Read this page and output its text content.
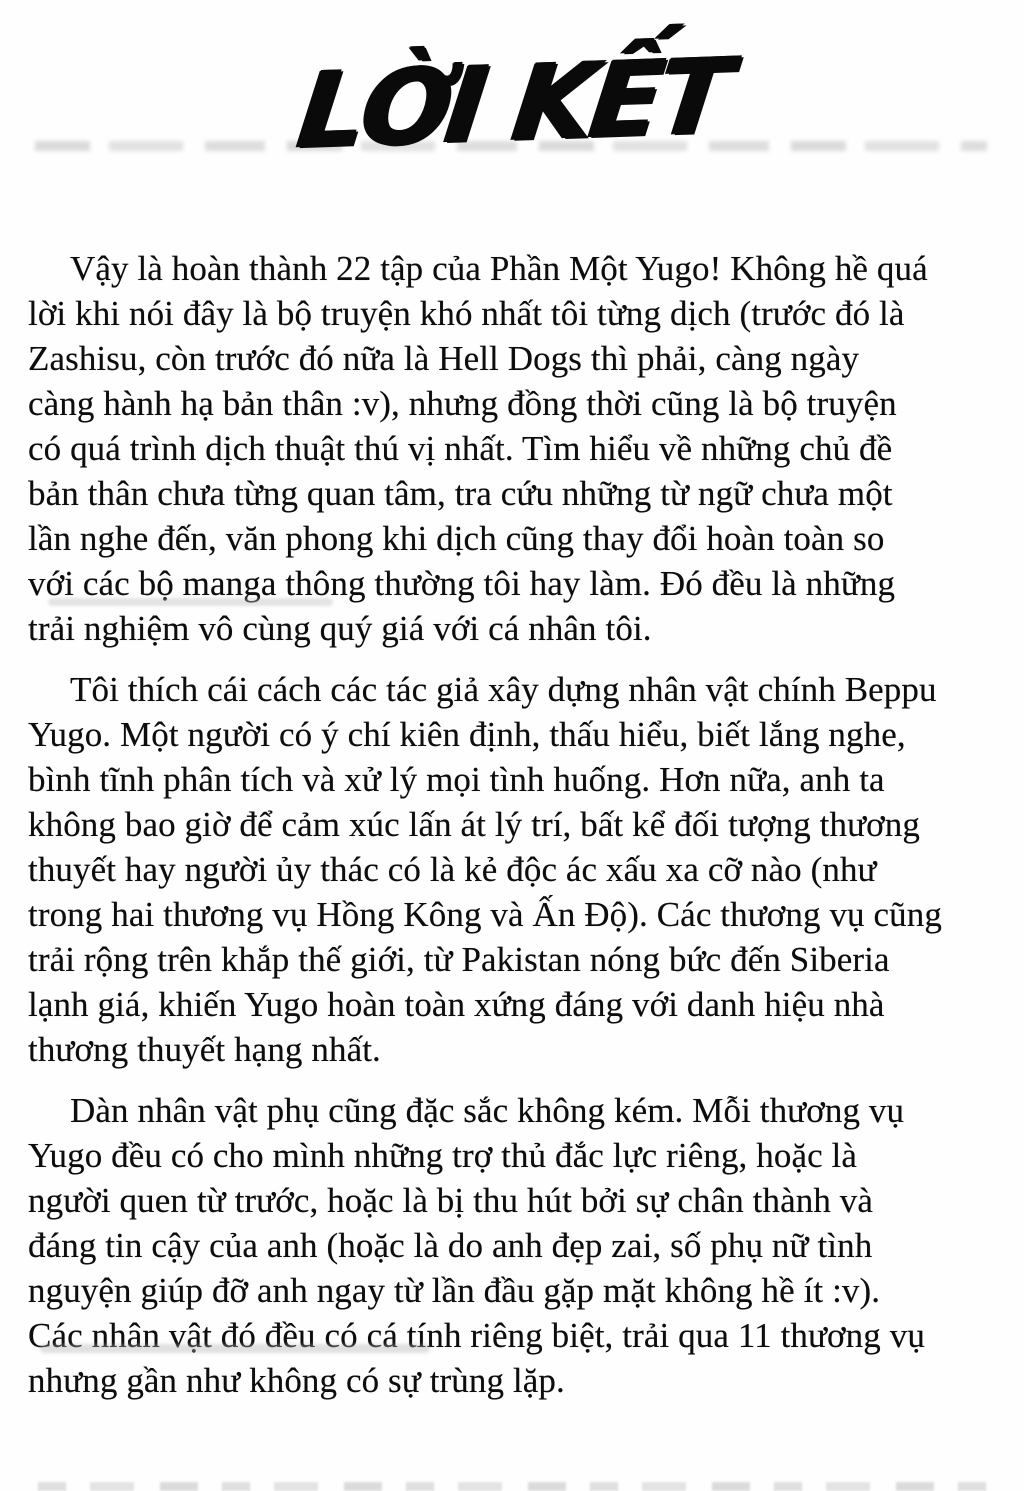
LỜI KẾT
Vậy là hoàn thành 22 tập của Phần Một Yugo! Không hề quá
lời khi nói đây là bộ truyện khó nhất tôi từng dịch (trước đó là
Zashisu, còn trước đó nữa là Hell Dogs thì phải, càng ngày
càng hành hạ bản thân :v), nhưng đồng thời cũng là bộ truyện
có quá trình dịch thuật thú vị nhất. Tìm hiểu về những chủ đề
bản thân chưa từng quan tâm, tra cứu những từ ngữ chưa một
lần nghe đến, văn phong khi dịch cũng thay đổi hoàn toàn so
với các bộ manga thông thường tôi hay làm. Đó đều là những
trải nghiệm vô cùng quý giá với cá nhân tôi.
Tôi thích cái cách các tác giả xây dựng nhân vật chính Beppu
Yugo. Một người có ý chí kiên định, thấu hiểu, biết lắng nghe,
bình tĩnh phân tích và xử lý mọi tình huống. Hơn nữa, anh ta
không bao giờ để cảm xúc lấn át lý trí, bất kể đối tượng thương
thuyết hay người ủy thác có là kẻ độc ác xấu xa cỡ nào (như
trong hai thương vụ Hồng Kông và Ấn Độ). Các thương vụ cũng
trải rộng trên khắp thế giới, từ Pakistan nóng bức đến Siberia
lạnh giá, khiến Yugo hoàn toàn xứng đáng với danh hiệu nhà
thương thuyết hạng nhất.
Dàn nhân vật phụ cũng đặc sắc không kém. Mỗi thương vụ
Yugo đều có cho mình những trợ thủ đắc lực riêng, hoặc là
người quen từ trước, hoặc là bị thu hút bởi sự chân thành và
đáng tin cậy của anh (hoặc là do anh đẹp zai, số phụ nữ tình
nguyện giúp đỡ anh ngay từ lần đầu gặp mặt không hề ít :v).
Các nhân vật đó đều có cá tính riêng biệt, trải qua 11 thương vụ
nhưng gần như không có sự trùng lặp.
